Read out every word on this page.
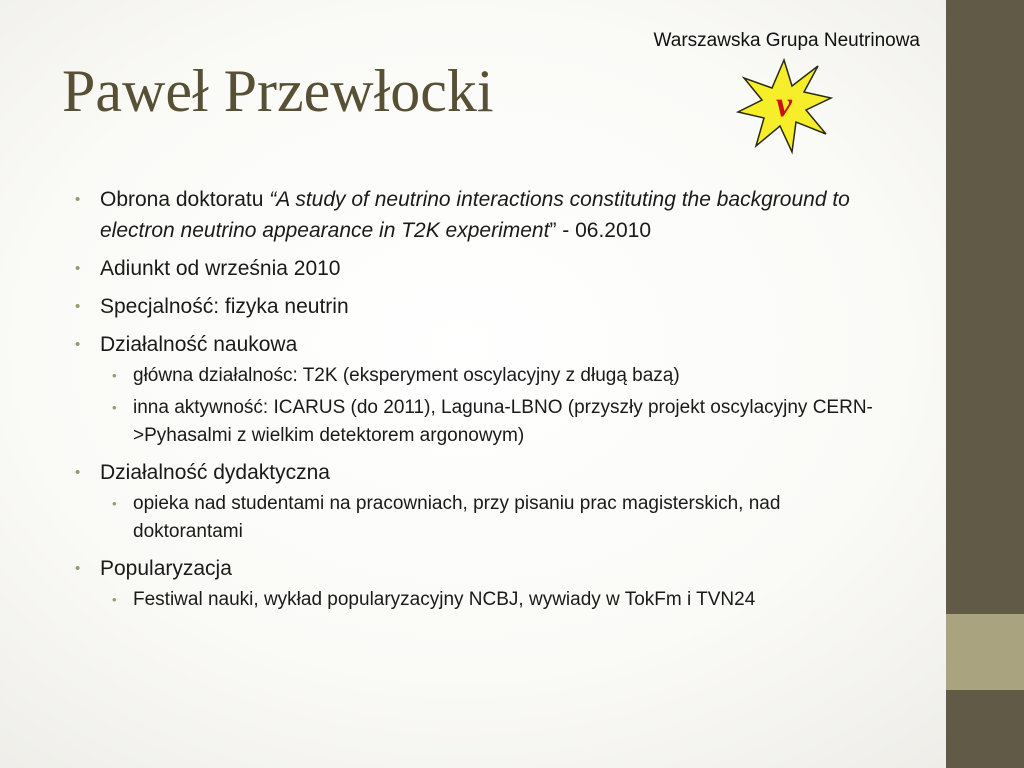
Warszawska Grupa Neutrinowa
Paweł Przewłocki	ν
• Obrona doktoratu “A study of neutrino interactions constituting the background to electron neutrino appearance in T2K experiment” - 06.2010
• Adiunkt od września 2010
• Specjalność: fizyka neutrin
• Działalność naukowa
• główna działalnośc: T2K (eksperyment oscylacyjny z długą bazą)
• inna aktywność: ICARUS (do 2011), Laguna-LBNO (przyszły projekt oscylacyjny CERN->Pyhasalmi z wielkim detektorem argonowym)
• Działalność dydaktyczna
• opieka nad studentami na pracowniach, przy pisaniu prac magisterskich, nad doktorantami
• Popularyzacja
• Festiwal nauki, wykład popularyzacyjny NCBJ, wywiady w TokFm i TVN24
